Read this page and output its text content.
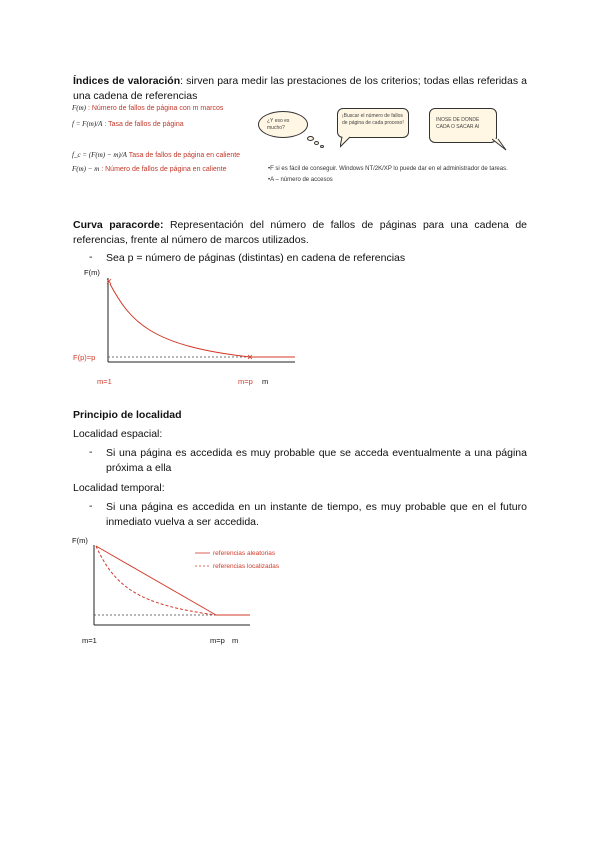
Índices de valoración: sirven para medir las prestaciones de los criterios; todas ellas referidas a una cadena de referencias
F(m) : Número de fallos de página con m marcos
f = F(m)/A : Tasa de fallos de página
f_c = (F(m) − m)/A Tasa de fallos de página en caliente
F(m) − m : Número de fallos de página en caliente
¿Y eso es mucho?
¡Buscar el número de fallos de página de cada proceso!	INOSE DE DONDE CADA O SACAR AI
•F si es fácil de conseguir. Windows NT/2K/XP lo puede dar en el administrador de tareas.
•A – número de accesos
Curva paracorde: Representación del número de fallos de páginas para una cadena de referencias, frente al número de marcos utilizados.
- Sea p = número de páginas (distintas) en cadena de referencias
F(m)
F(p)=p
m=1	m=p m
Principio de localidad
Localidad espacial:
- Si una página es accedida es muy probable que se acceda eventualmente a una página próxima a ella
Localidad temporal:
- Si una página es accedida en un instante de tiempo, es muy probable que en el futuro inmediato vuelva a ser accedida.
F(m)
referencias aleatorias
referencias localizadas
m=1	m=p m
